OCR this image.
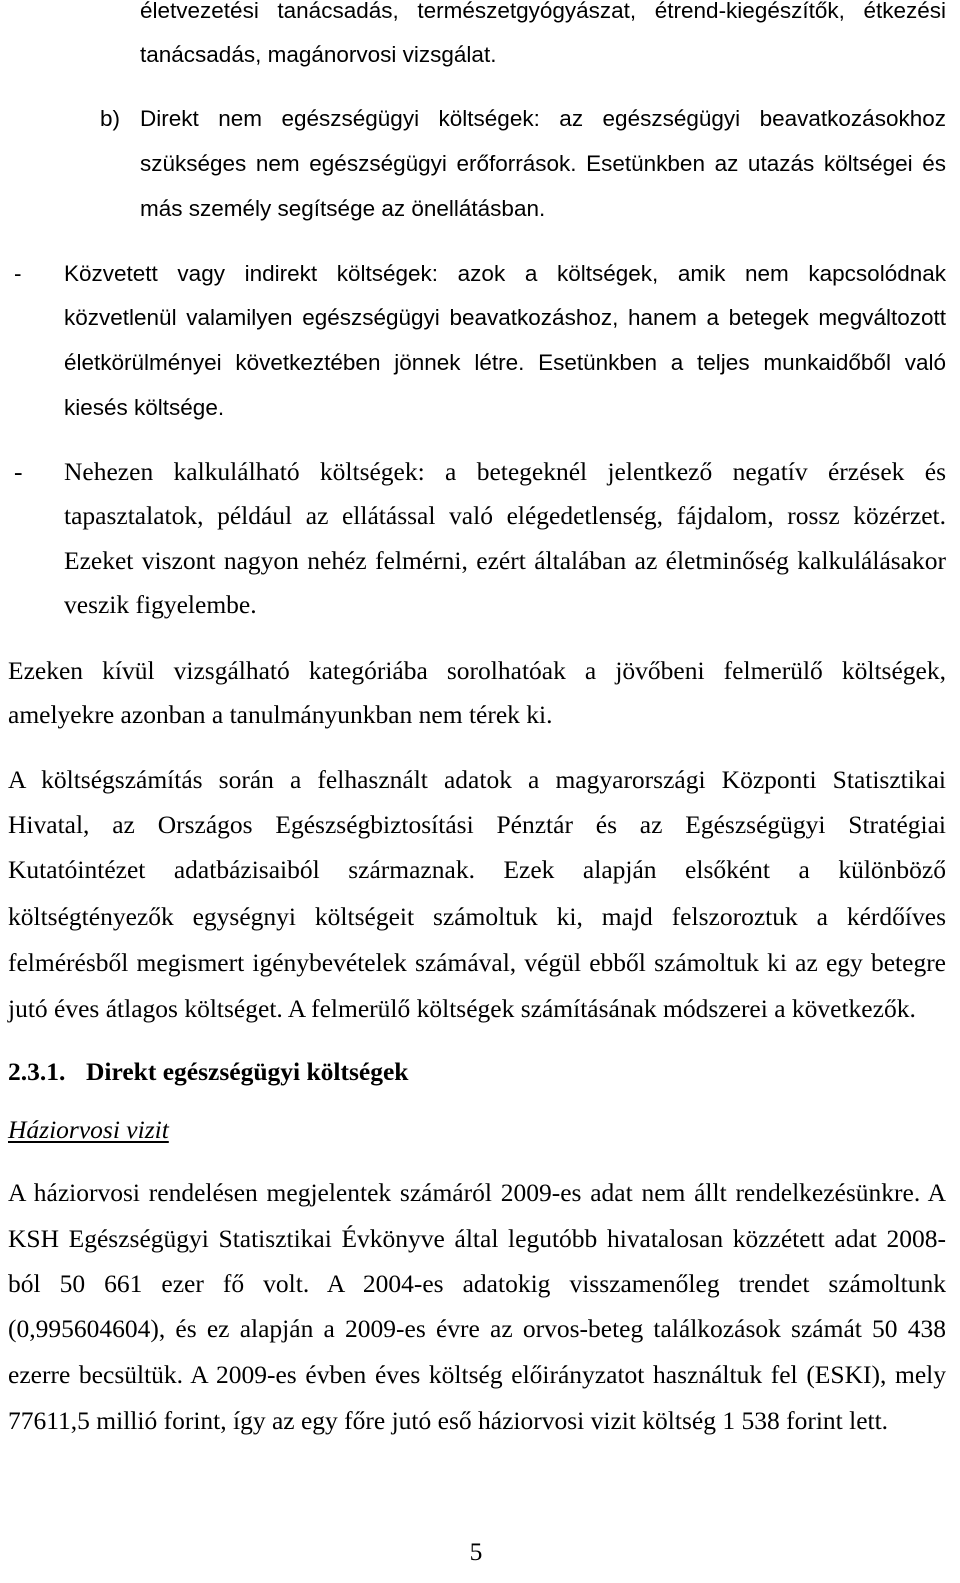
életvezetési tanácsadás, természetgyógyászat, étrend-kiegészítők, étkezési
tanácsadás, magánorvosi vizsgálat.
b) Direkt nem egészségügyi költségek: az egészségügyi beavatkozásokhoz
szükséges nem egészségügyi erőforrások. Esetünkben az utazás költségei és
más személy segítsége az önellátásban.
- Közvetett vagy indirekt költségek: azok a költségek, amik nem kapcsolódnak
közvetlenül valamilyen egészségügyi beavatkozáshoz, hanem a betegek megváltozott
életkörülményei következtében jönnek létre. Esetünkben a teljes munkaidőből való
kiesés költsége.
- Nehezen kalkulálható költségek: a betegeknél jelentkező negatív érzések és
tapasztalatok, például az ellátással való elégedetlenség, fájdalom, rossz közérzet.
Ezeket viszont nagyon nehéz felmérni, ezért általában az életminőség kalkulálásakor
veszik figyelembe.
Ezeken kívül vizsgálható kategóriába sorolhatóak a jövőbeni felmerülő költségek,
amelyekre azonban a tanulmányunkban nem térek ki.
A költségszámítás során a felhasznált adatok a magyarországi Központi Statisztikai
Hivatal, az Országos Egészségbiztosítási Pénztár és az Egészségügyi Stratégiai
Kutatóintézet adatbázisaiból származnak. Ezek alapján elsőként a különböző
költségtényezők egységnyi költségeit számoltuk ki, majd felszoroztuk a kérdőíves
felmérésből megismert igénybevételek számával, végül ebből számoltuk ki az egy betegre
jutó éves átlagos költséget. A felmerülő költségek számításának módszerei a következők.
2.3.1. Direkt egészségügyi költségek
Háziorvosi vizit
A háziorvosi rendelésen megjelentek számáról 2009-es adat nem állt rendelkezésünkre. A
KSH Egészségügyi Statisztikai Évkönyve által legutóbb hivatalosan közzétett adat 2008-
ból 50 661 ezer fő volt. A 2004-es adatokig visszamenőleg trendet számoltunk
(0,995604604), és ez alapján a 2009-es évre az orvos-beteg találkozások számát 50 438
ezerre becsültük. A 2009-es évben éves költség előirányzatot használtuk fel (ESKI), mely
77611,5 millió forint, így az egy főre jutó eső háziorvosi vizit költség 1 538 forint lett.
5
